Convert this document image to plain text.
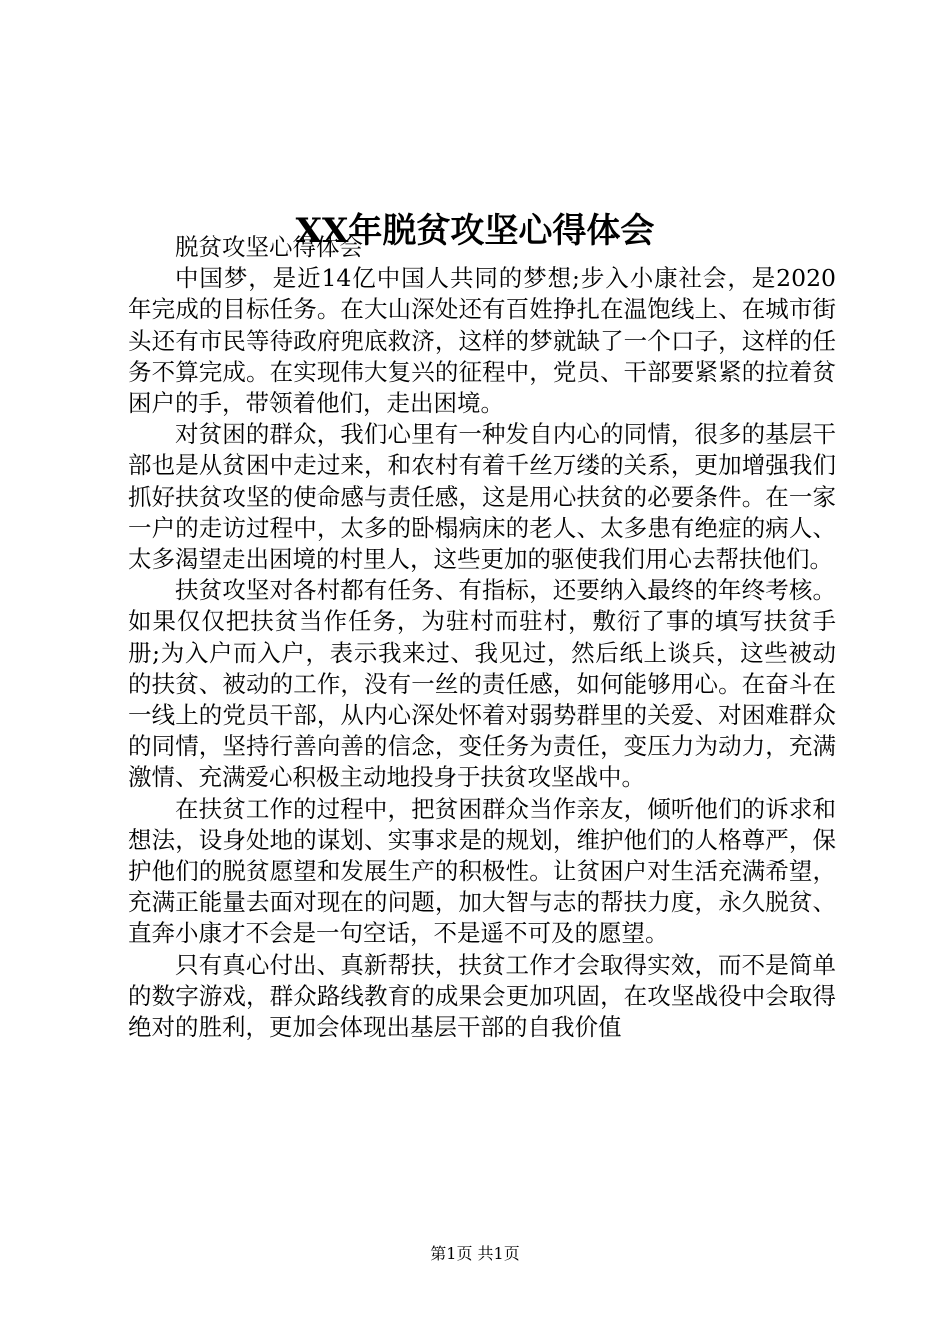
XX年脱贫攻坚心得体会

脱贫攻坚心得体会

中国梦，是近14亿中国人共同的梦想;步入小康社会，是2020年完成的目标任务。在大山深处还有百姓挣扎在温饱线上、在城市街头还有市民等待政府兜底救济，这样的梦就缺了一个口子，这样的任务不算完成。在实现伟大复兴的征程中，党员、干部要紧紧的拉着贫困户的手，带领着他们，走出困境。

对贫困的群众，我们心里有一种发自内心的同情，很多的基层干部也是从贫困中走过来，和农村有着千丝万缕的关系，更加增强我们抓好扶贫攻坚的使命感与责任感，这是用心扶贫的必要条件。在一家一户的走访过程中，太多的卧榻病床的老人、太多患有绝症的病人、太多渴望走出困境的村里人，这些更加的驱使我们用心去帮扶他们。

扶贫攻坚对各村都有任务、有指标，还要纳入最终的年终考核。如果仅仅把扶贫当作任务，为驻村而驻村，敷衍了事的填写扶贫手册;为入户而入户，表示我来过、我见过，然后纸上谈兵，这些被动的扶贫、被动的工作，没有一丝的责任感，如何能够用心。在奋斗在一线上的党员干部，从内心深处怀着对弱势群里的关爱、对困难群众的同情，坚持行善向善的信念，变任务为责任，变压力为动力，充满激情、充满爱心积极主动地投身于扶贫攻坚战中。

在扶贫工作的过程中，把贫困群众当作亲友，倾听他们的诉求和想法，设身处地的谋划、实事求是的规划，维护他们的人格尊严，保护他们的脱贫愿望和发展生产的积极性。让贫困户对生活充满希望，充满正能量去面对现在的问题，加大智与志的帮扶力度，永久脱贫、直奔小康才不会是一句空话，不是遥不可及的愿望。

只有真心付出、真新帮扶，扶贫工作才会取得实效，而不是简单的数字游戏，群众路线教育的成果会更加巩固，在攻坚战役中会取得绝对的胜利，更加会体现出基层干部的自我价值

第1页 共1页
